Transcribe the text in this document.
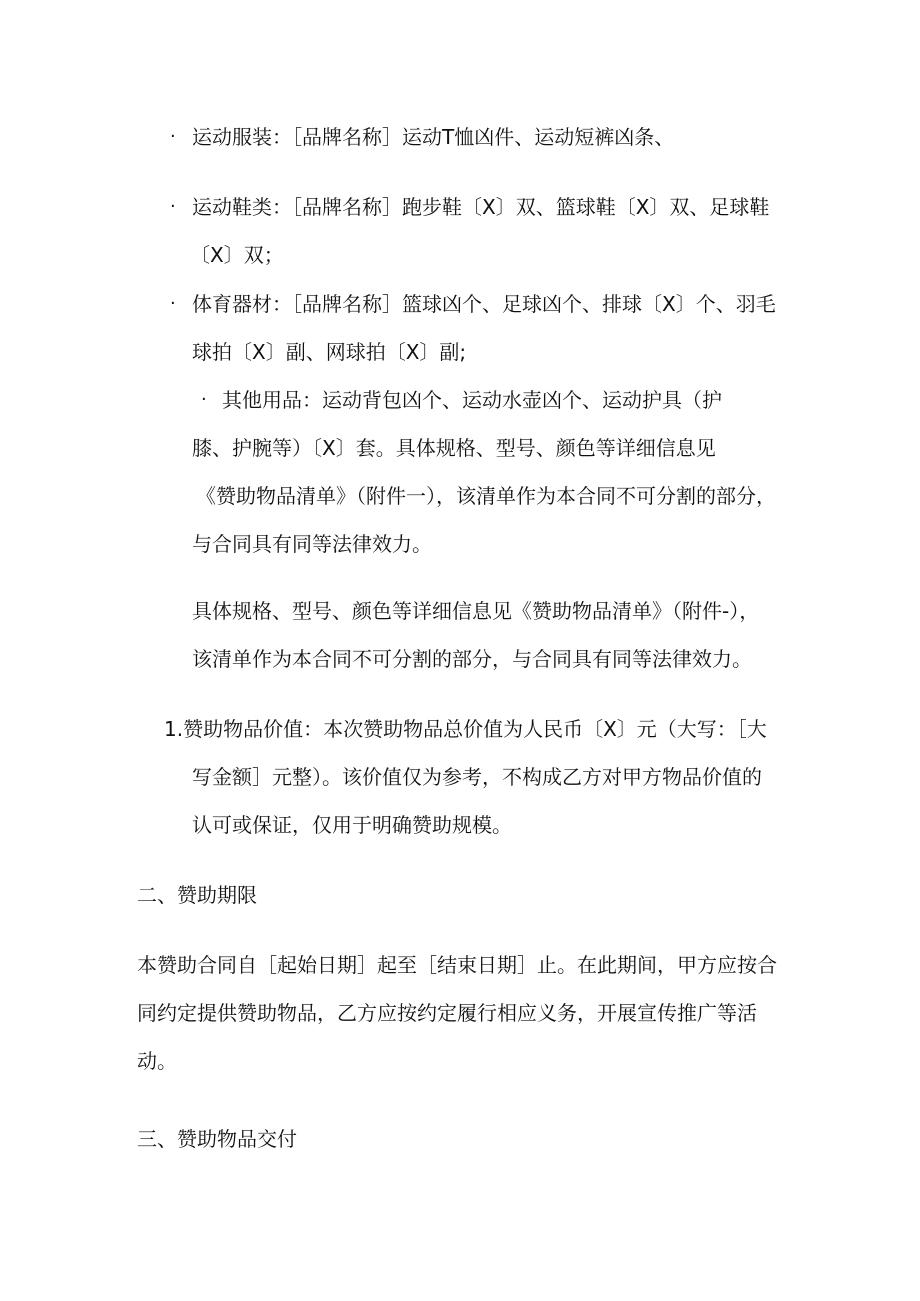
· 运动服装：［品牌名称］运动T恤凶件、运动短裤凶条、
· 运动鞋类：［品牌名称］跑步鞋〔X〕双、篮球鞋〔X〕双、足球鞋
〔X〕双；
· 体育器材：［品牌名称］篮球凶个、足球凶个、排球〔X〕个、羽毛
球拍〔X〕副、网球拍〔X〕副;
· 其他用品：运动背包凶个、运动水壶凶个、运动护具（护
膝、护腕等）〔X〕套。具体规格、型号、颜色等详细信息见
《赞助物品清单》（附件一），该清单作为本合同不可分割的部分，
与合同具有同等法律效力。
具体规格、型号、颜色等详细信息见《赞助物品清单》（附件-），
该清单作为本合同不可分割的部分，与合同具有同等法律效力。
1.赞助物品价值：本次赞助物品总价值为人民币〔X〕元（大写：［大
写金额］元整）。该价值仅为参考，不构成乙方对甲方物品价值的
认可或保证，仅用于明确赞助规模。
二、赞助期限
本赞助合同自［起始日期］起至［结束日期］止。在此期间，甲方应按合
同约定提供赞助物品，乙方应按约定履行相应义务，开展宣传推广等活
动。
三、赞助物品交付
